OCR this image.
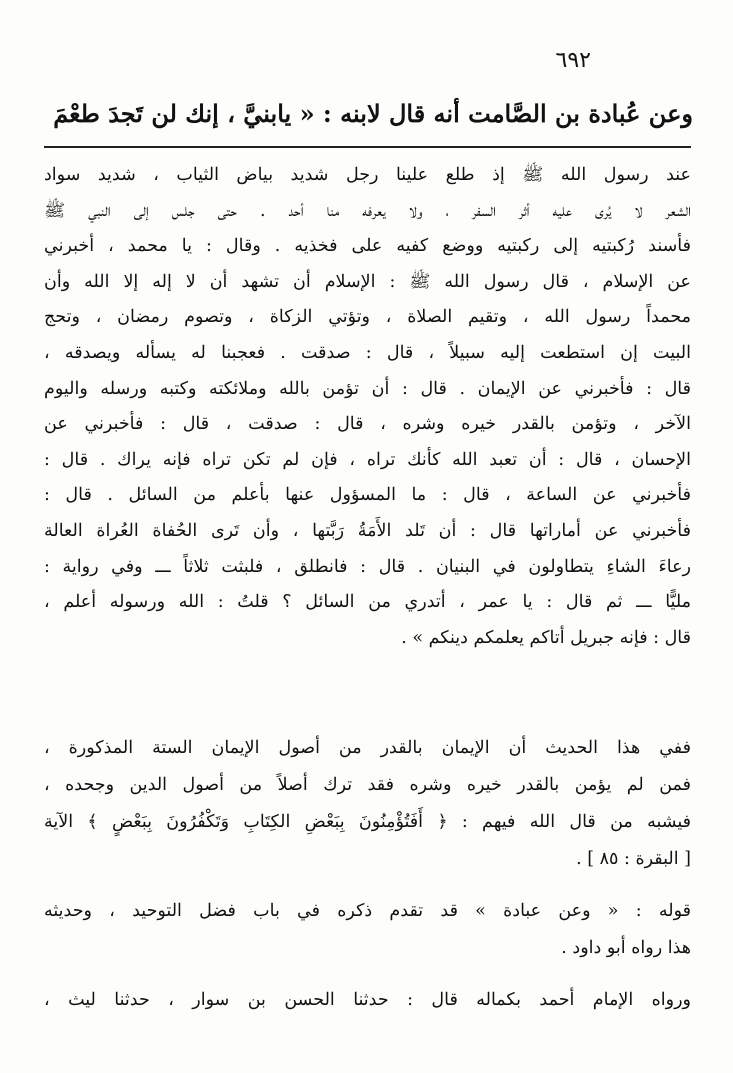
٦٩٢
وعن عُبادة بن الصَّامت أنه قال لابنه : « يابنيَّ ، إنك لن تَجدَ طعْمَ
عند رسول الله ﷺ إذ طلع علينا رجل شديد بياض الثياب ، شديد سواد
الشعر لا يُرى عليه أثر السفر ، ولا يعرفه منا أحد . حتى جلس إلى النبي ﷺ
فأسند رُكبتيه إلى ركبتيه ووضع كفيه على فخذيه . وقال : يا محمد ، أخبرني
عن الإسلام ، قال رسول الله ﷺ : الإسلام أن تشهد أن لا إله إلا الله وأن
محمداً رسول الله ، وتقيم الصلاة ، وتؤتي الزكاة ، وتصوم رمضان ، وتحج
البيت إن استطعت إليه سبيلاً ، قال : صدقت . فعجبنا له يسأله ويصدقه ،
قال : فأخبرني عن الإيمان . قال : أن تؤمن بالله وملائكته وكتبه ورسله واليوم
الآخر ، وتؤمن بالقدر خيره وشره ، قال : صدقت ، قال : فأخبرني عن
الإحسان ، قال : أن تعبد الله كأنك تراه ، فإن لم تكن تراه فإنه يراك . قال :
فأخبرني عن الساعة ، قال : ما المسؤول عنها بأعلم من السائل . قال :
فأخبرني عن أماراتها قال : أن تَلد الأَمَةُ رَبَّتها ، وأن تَرى الحُفاة العُراة العالة
رعاءَ الشاءِ يتطاولون في البنيان . قال : فانطلق ، فلبثت ثلاثاً ـــ وفي رواية :
مليًّا ـــ ثم قال : يا عمر ، أتدري من السائل ؟ قلتُ : الله ورسوله أعلم ،
قال : فإنه جبريل أتاكم يعلمكم دينكم » .
ففي هذا الحديث أن الإيمان بالقدر من أصول الإيمان الستة المذكورة ،
فمن لم يؤمن بالقدر خيره وشره فقد ترك أصلاً من أصول الدين وجحده ،
فيشبه من قال الله فيهم : ﴿ أَفَتُؤْمِنُونَ بِبَعْضِ الكِتَابِ وَتَكْفُرُونَ بِبَعْضٍ ﴾ الآية
[ البقرة : ٨٥ ] .
قوله : « وعن عبادة » قد تقدم ذكره في باب فضل التوحيد ، وحديثه
هذا رواه أبو داود .
ورواه الإمام أحمد بكماله قال : حدثنا الحسن بن سوار ، حدثنا ليث ،
